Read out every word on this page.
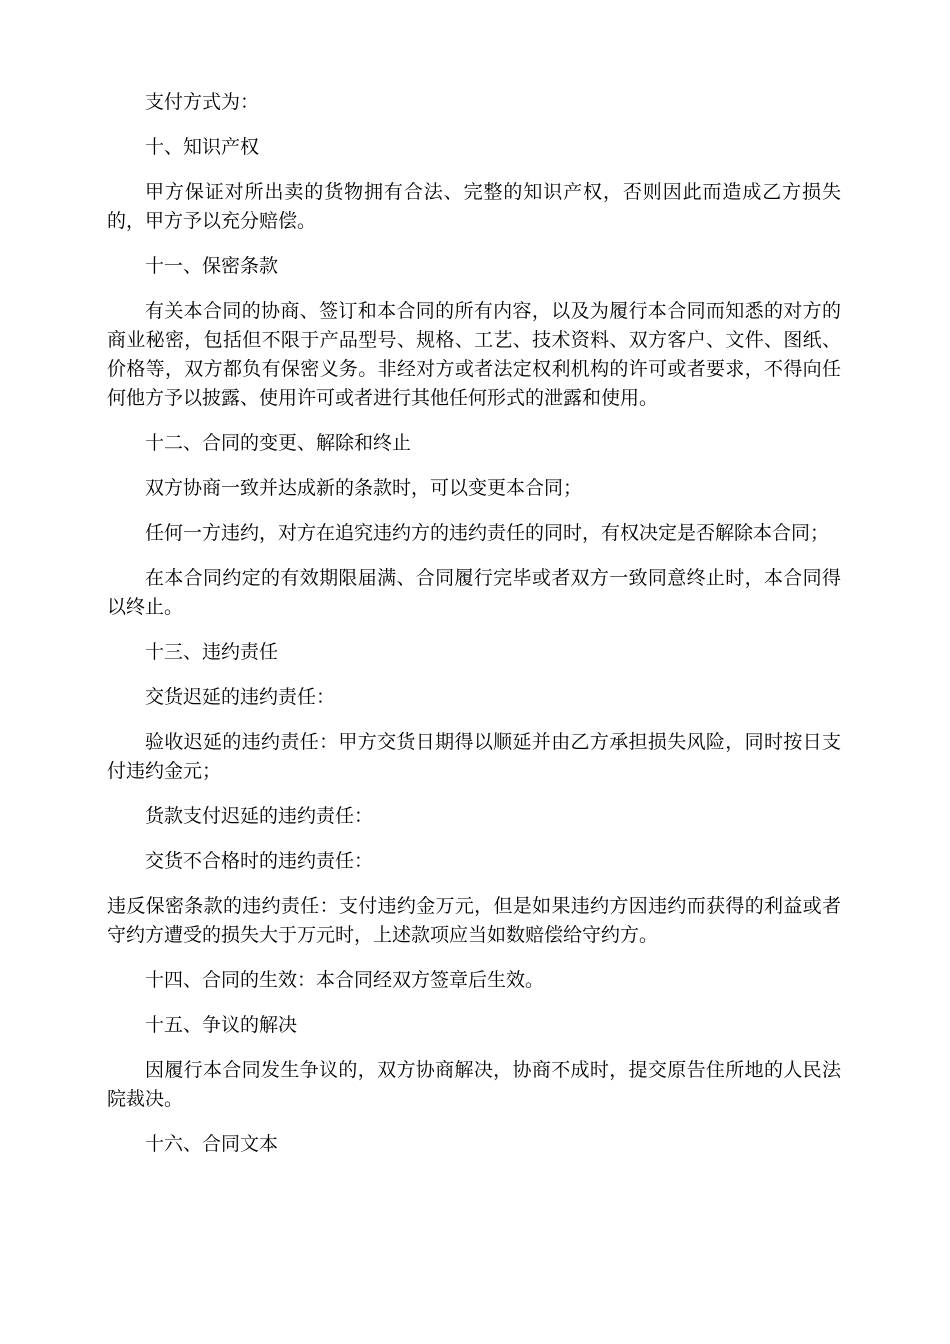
支付方式为：

十、知识产权

甲方保证对所出卖的货物拥有合法、完整的知识产权，否则因此而造成乙方损失的，甲方予以充分赔偿。

十一、保密条款

有关本合同的协商、签订和本合同的所有内容，以及为履行本合同而知悉的对方的商业秘密，包括但不限于产品型号、规格、工艺、技术资料、双方客户、文件、图纸、价格等，双方都负有保密义务。非经对方或者法定权利机构的许可或者要求，不得向任何他方予以披露、使用许可或者进行其他任何形式的泄露和使用。

十二、合同的变更、解除和终止

双方协商一致并达成新的条款时，可以变更本合同；

任何一方违约，对方在追究违约方的违约责任的同时，有权决定是否解除本合同；

在本合同约定的有效期限届满、合同履行完毕或者双方一致同意终止时，本合同得以终止。

十三、违约责任

交货迟延的违约责任：

验收迟延的违约责任：甲方交货日期得以顺延并由乙方承担损失风险，同时按日支付违约金元；

货款支付迟延的违约责任：

交货不合格时的违约责任：

违反保密条款的违约责任：支付违约金万元，但是如果违约方因违约而获得的利益或者守约方遭受的损失大于万元时，上述款项应当如数赔偿给守约方。

十四、合同的生效：本合同经双方签章后生效。

十五、争议的解决

因履行本合同发生争议的，双方协商解决，协商不成时，提交原告住所地的人民法院裁决。

十六、合同文本
